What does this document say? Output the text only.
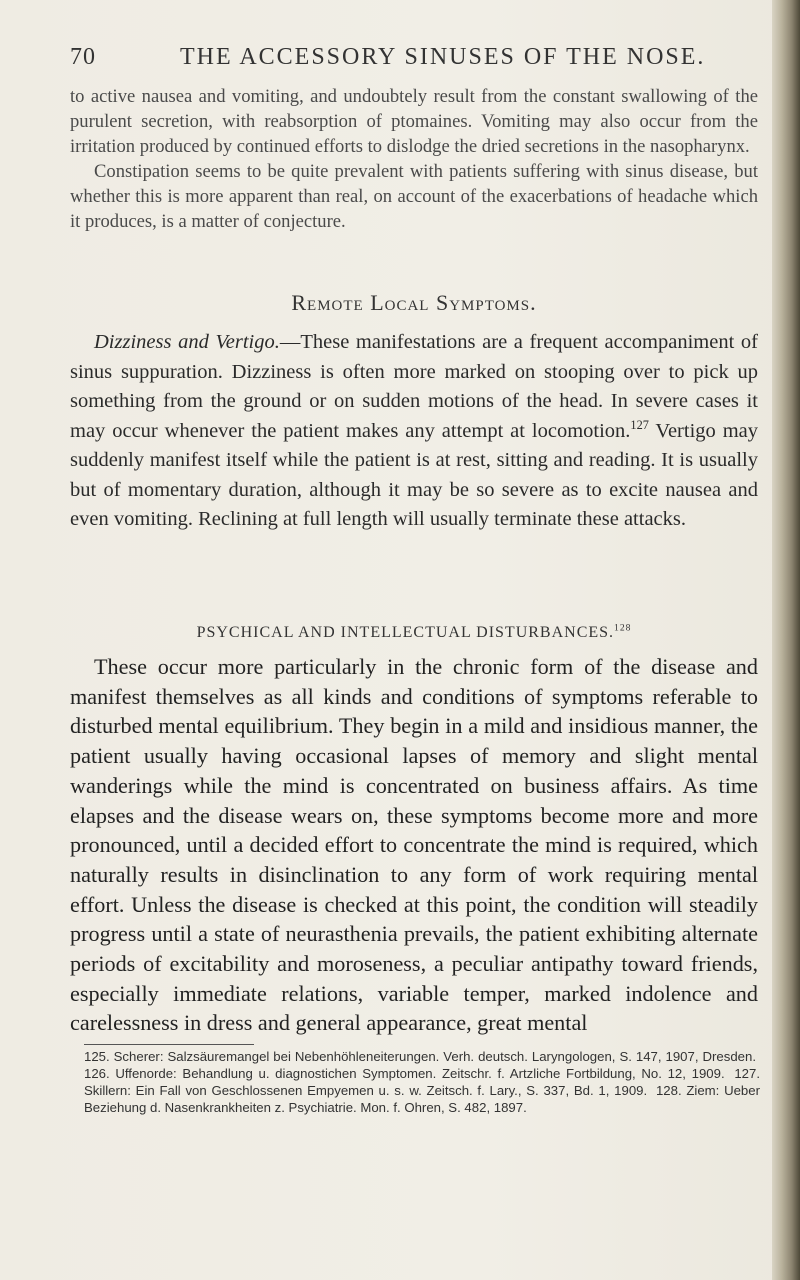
70	THE ACCESSORY SINUSES OF THE NOSE.

to active nausea and vomiting, and undoubtely result from the constant swallowing of the purulent secretion, with reabsorption of ptomaines. Vomiting may also occur from the irritation produced by continued efforts to dislodge the dried secretions in the nasopharynx.

Constipation seems to be quite prevalent with patients suffering with sinus disease, but whether this is more apparent than real, on account of the exacerbations of headache which it produces, is a matter of conjecture.

Remote Local Symptoms.

Dizziness and Vertigo.—These manifestations are a frequent accompaniment of sinus suppuration. Dizziness is often more marked on stooping over to pick up something from the ground or on sudden motions of the head. In severe cases it may occur whenever the patient makes any attempt at locomotion.$^{127}$ Vertigo may suddenly manifest itself while the patient is at rest, sitting and reading. It is usually but of momentary duration, although it may be so severe as to excite nausea and even vomiting. Reclining at full length will usually terminate these attacks.

PSYCHICAL AND INTELLECTUAL DISTURBANCES.$^{128}$

These occur more particularly in the chronic form of the disease and manifest themselves as all kinds and conditions of symptoms referable to disturbed mental equilibrium. They begin in a mild and insidious manner, the patient usually having occasional lapses of memory and slight mental wanderings while the mind is concentrated on business affairs. As time elapses and the disease wears on, these symptoms become more and more pronounced, until a decided effort to concentrate the mind is required, which naturally results in disinclination to any form of work requiring mental effort. Unless the disease is checked at this point, the condition will steadily progress until a state of neurasthenia prevails, the patient exhibiting alternate periods of excitability and moroseness, a peculiar antipathy toward friends, especially immediate relations, variable temper, marked indolence and carelessness in dress and general appearance, great mental

125. Scherer: Salzsäuremangel bei Nebenhöhleneiterungen. Verh. deutsch. Laryngologen, S. 147, 1907, Dresden. 126. Uffenorde: Behandlung u. diagnostichen Symptomen. Zeitschr. f. Artzliche Fortbildung, No. 12, 1909. 127. Skillern: Ein Fall von Geschlossenen Empyemen u. s. w. Zeitsch. f. Lary., S. 337, Bd. 1, 1909. 128. Ziem: Ueber Beziehung d. Nasenkrankheiten z. Psychiatrie. Mon. f. Ohren, S. 482, 1897.
